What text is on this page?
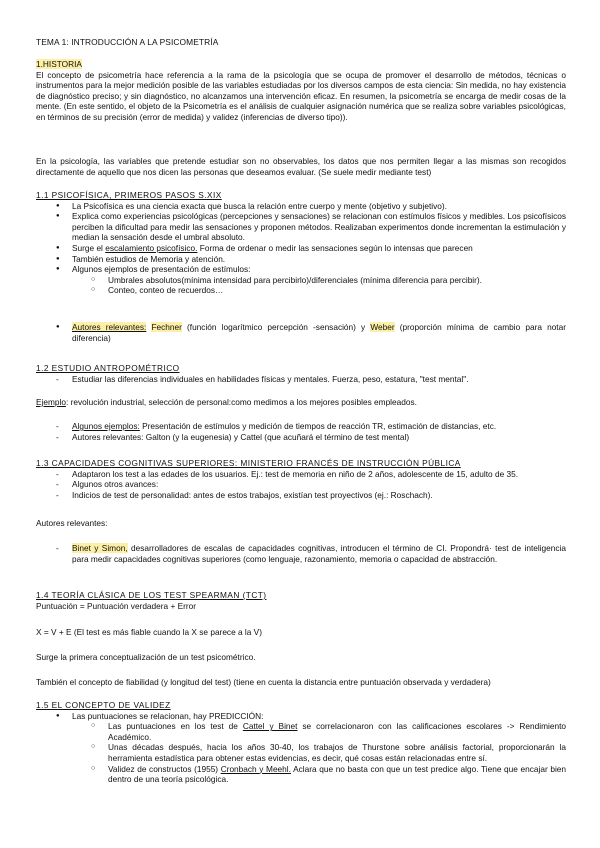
TEMA 1: INTRODUCCIÓN A LA PSICOMETRÍA
1.HISTORIA
El concepto de psicometría hace referencia a la rama de la psicología que se ocupa de promover el desarrollo de métodos, técnicas o instrumentos para la mejor medición posible de las variables estudiadas por los diversos campos de esta ciencia: Sin medida, no hay existencia de diagnóstico preciso; y sin diagnóstico, no alcanzamos una intervención eficaz. En resumen, la psicometría se encarga de medir cosas de la mente. (En este sentido, el objeto de la Psicometría es el análisis de cualquier asignación numérica que se realiza sobre variables psicológicas, en términos de su precisión (error de medida) y validez (inferencias de diverso tipo)).
En la psicología, las variables que pretende estudiar son no observables, los datos que nos permiten llegar a las mismas son recogidos directamente de aquello que nos dicen las personas que deseamos evaluar. (Se suele medir mediante test)
1.1 PSICOFÍSICA, PRIMEROS PASOS S.XIX
● La Psicofísica es una ciencia exacta que busca la relación entre cuerpo y mente (objetivo y subjetivo).
● Explica como experiencias psicológicas (percepciones y sensaciones) se relacionan con estímulos físicos y medibles. Los psicofísicos perciben la dificultad para medir las sensaciones y proponen métodos. Realizaban experimentos donde incrementan la estimulación y median la sensación desde el umbral absoluto.
● Surge el escalamiento psicofísico. Forma de ordenar o medir las sensaciones según lo intensas que parecen
● También estudios de Memoria y atención.
● Algunos ejemplos de presentación de estímulos:
○ Umbrales absolutos(mínima intensidad para percibirlo)/diferenciales (mínima diferencia para percibir).
○ Conteo, conteo de recuerdos…
● Autores relevantes: Fechner (función logarítmico percepción -sensación) y Weber (proporción mínima de cambio para notar diferencia)
1.2 ESTUDIO ANTROPOMÉTRICO
- Estudiar las diferencias individuales en habilidades físicas y mentales. Fuerza, peso, estatura, "test mental".
Ejemplo: revolución industrial, selección de personal:como medimos a los mejores posibles empleados.
- Algunos ejemplos: Presentación de estímulos y medición de tiempos de reacción TR, estimación de distancias, etc.
- Autores relevantes: Galton (y la eugenesia) y Cattel (que acuñará el término de test mental)
1.3 CAPACIDADES COGNITIVAS SUPERIORES: MINISTERIO FRANCÉS DE INSTRUCCIÓN PÚBLICA
- Adaptaron los test a las edades de los usuarios. Ej.: test de memoria en niño de 2 años, adolescente de 15, adulto de 35.
- Algunos otros avances:
- Indicios de test de personalidad: antes de estos trabajos, existían test proyectivos (ej.: Roschach).
Autores relevantes:
- Binet y Simon, desarrolladores de escalas de capacidades cognitivas, introducen el término de CI. Propondrá· test de inteligencia para medir capacidades cognitivas superiores (como lenguaje, razonamiento, memoria o capacidad de abstracción.
1.4 TEORÍA CLÁSICA DE LOS TEST SPEARMAN (TCT)
Puntuación = Puntuación verdadera + Error
X = V + E (El test es más fiable cuando la X se parece a la V)
Surge la primera conceptualización de un test psicométrico.
También el concepto de fiabilidad (y longitud del test) (tiene en cuenta la distancia entre puntuación observada y verdadera)
1.5 EL CONCEPTO DE VALIDEZ
● Las puntuaciones se relacionan, hay PREDICCIÓN:
○ Las puntuaciones en los test de Cattel y Binet se correlacionaron con las calificaciones escolares -> Rendimiento Académico.
○ Unas décadas después, hacia los años 30-40, los trabajos de Thurstone sobre análisis factorial, proporcionarán la herramienta estadística para obtener estas evidencias, es decir, qué cosas están relacionadas entre sí.
○ Validez de constructos (1955) Cronbach y Meehl. Aclara que no basta con que un test predice algo. Tiene que encajar bien dentro de una teoría psicológica.
